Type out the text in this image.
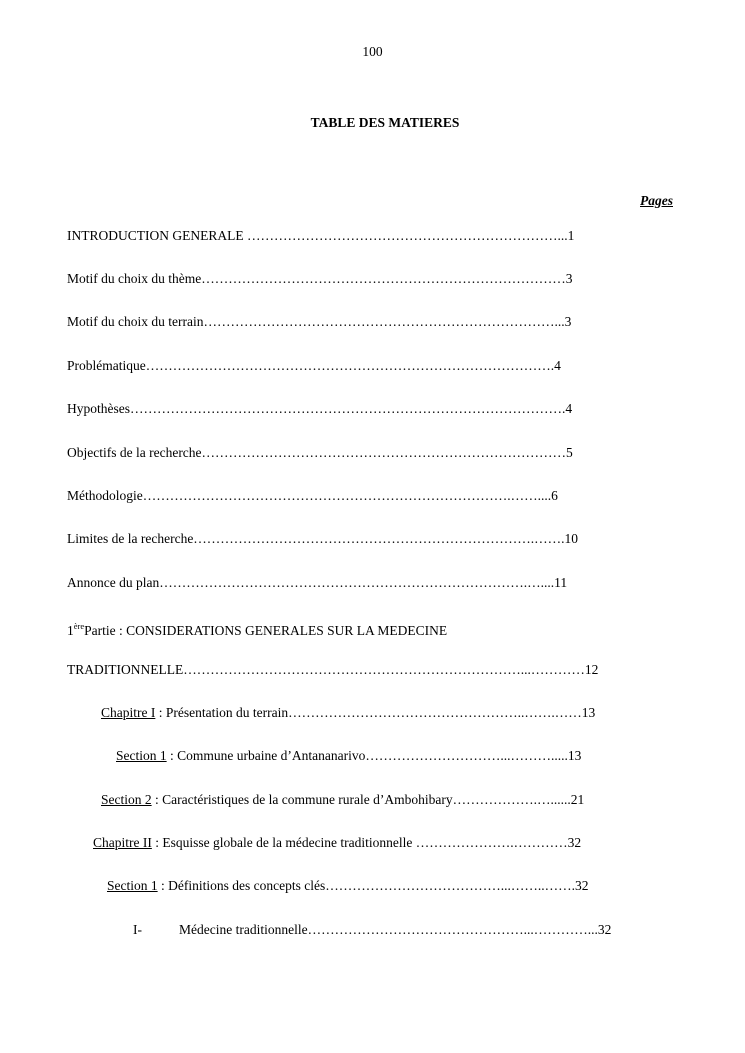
100
TABLE DES MATIERES
Pages
INTRODUCTION GENERALE ……………………………………………………………...1
Motif du choix du thème………………………………………………………………………3
Motif du choix du terrain……………………………………………………………………...3
Problématique……………………………………………………………………………….4
Hypothèses…………………………………………………………………………………….4
Objectifs de la recherche………………………………………………………………………5
Méthodologie……………………………………………………………………….……....6
Limites de la recherche………………………………………………………………….…….10
Annonce du plan……………………………………………………………………….…....11
1èrePartie : CONSIDERATIONS GENERALES SUR LA MEDECINE
TRADITIONNELLE…………………………………………………………………...…………12
Chapitre I : Présentation du terrain……………………………………………..…….……13
Section 1 : Commune urbaine d’Antananarivo…………………………...……….....13
Section 2 : Caractéristiques de la commune rurale d’Ambohibary……………….…......21
Chapitre II : Esquisse globale de la médecine traditionnelle ………………….…………32
Section 1 : Définitions des concepts clés…………………………………...……..…….32
I-	Médecine traditionnelle…………………………………………...…………...32
